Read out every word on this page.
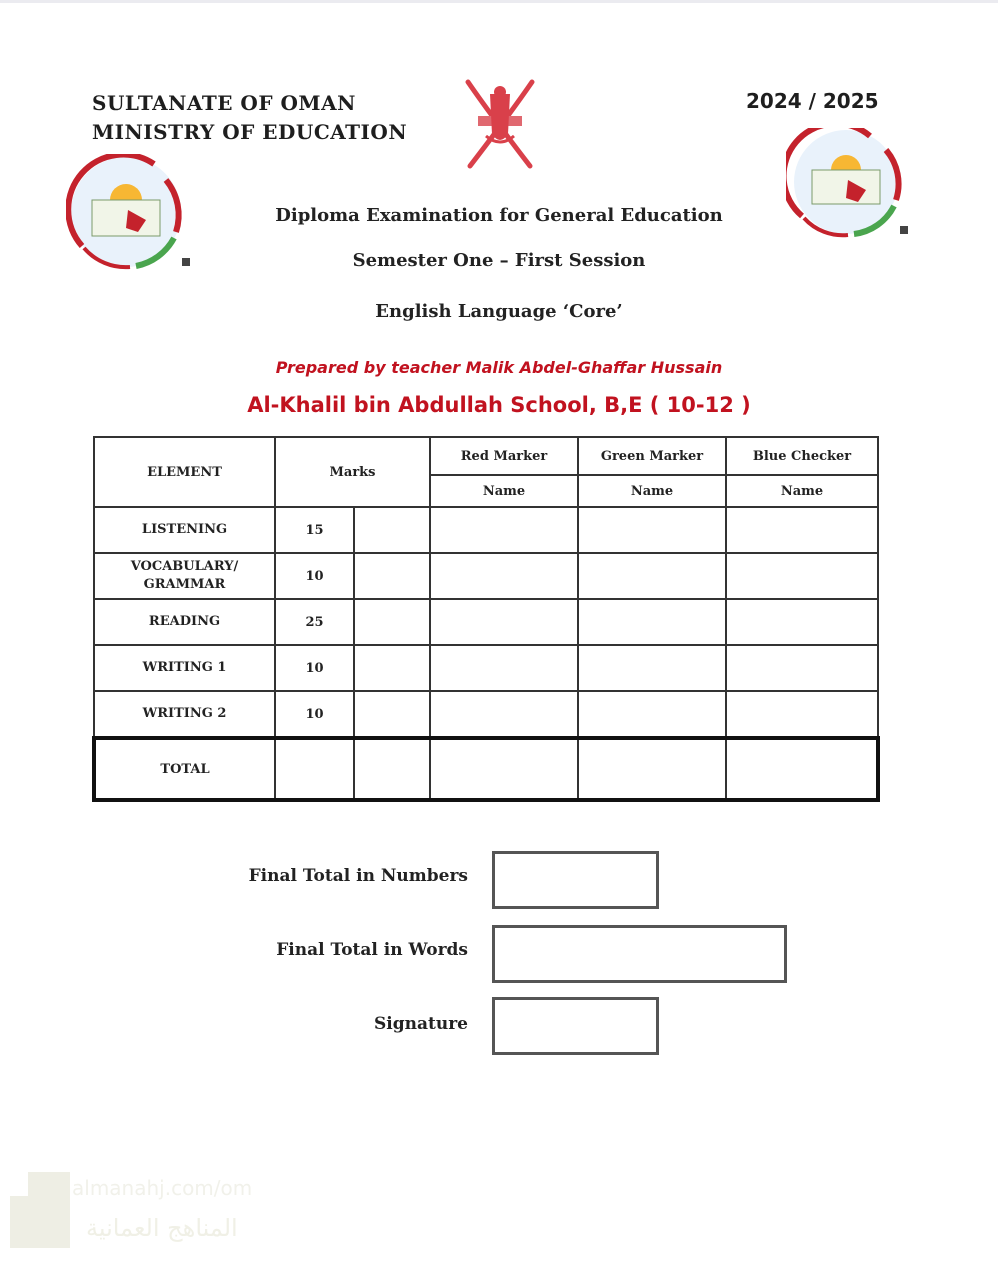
SULTANATE OF OMAN
MINISTRY OF EDUCATION
2024 / 2025
Diploma Examination for General Education
Semester One – First Session
English Language ‘Core’
Prepared by teacher Malik Abdel-Ghaffar Hussain
Al-Khalil bin Abdullah School, B,E ( 10-12 )
ELEMENT	Marks		Red Marker	Green Marker	Blue Checker
			Name	Name	Name

LISTENING	15				

VOCABULARY/
GRAMMAR	10				

READING	25				

WRITING 1	10				

WRITING 2	10				
TOTAL					
Final Total in Numbers
Final Total in Words
Signature
almanahj.com/om
المناهج العمانية
